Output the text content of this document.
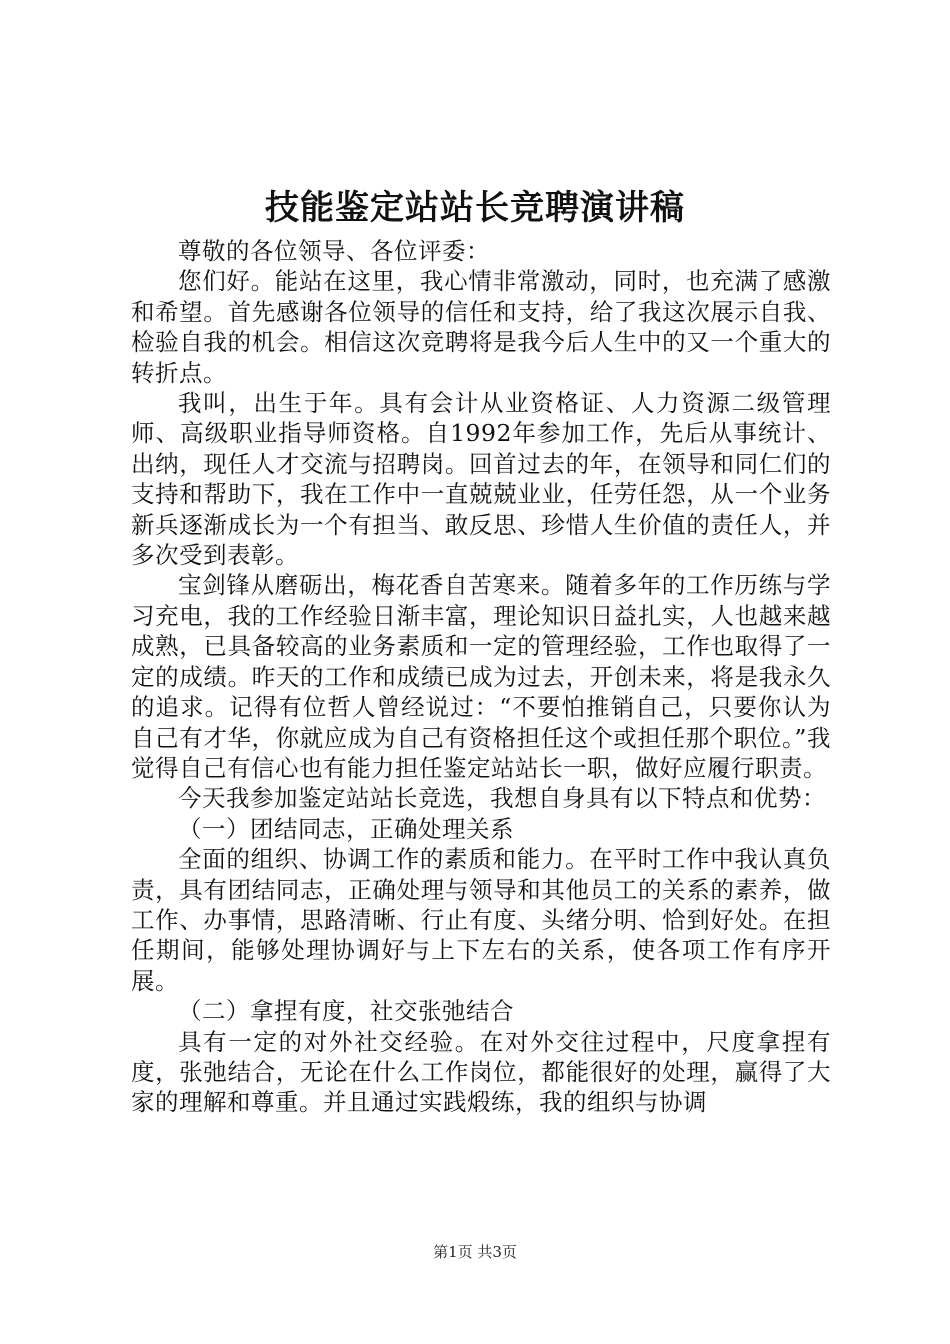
技能鉴定站站长竞聘演讲稿

尊敬的各位领导、各位评委：

您们好。能站在这里，我心情非常激动，同时，也充满了感激和希望。首先感谢各位领导的信任和支持，给了我这次展示自我、检验自我的机会。相信这次竞聘将是我今后人生中的又一个重大的转折点。

我叫，出生于年。具有会计从业资格证、人力资源二级管理师、高级职业指导师资格。自1992年参加工作，先后从事统计、出纳，现任人才交流与招聘岗。回首过去的年，在领导和同仁们的支持和帮助下，我在工作中一直兢兢业业，任劳任怨，从一个业务新兵逐渐成长为一个有担当、敢反思、珍惜人生价值的责任人，并多次受到表彰。

宝剑锋从磨砺出，梅花香自苦寒来。随着多年的工作历练与学习充电，我的工作经验日渐丰富，理论知识日益扎实，人也越来越成熟，已具备较高的业务素质和一定的管理经验，工作也取得了一定的成绩。昨天的工作和成绩已成为过去，开创未来，将是我永久的追求。记得有位哲人曾经说过：“不要怕推销自己，只要你认为自己有才华，你就应成为自己有资格担任这个或担任那个职位。”我觉得自己有信心也有能力担任鉴定站站长一职，做好应履行职责。

今天我参加鉴定站站长竞选，我想自身具有以下特点和优势：

（一）团结同志，正确处理关系

全面的组织、协调工作的素质和能力。在平时工作中我认真负责，具有团结同志，正确处理与领导和其他员工的关系的素养，做工作、办事情，思路清晰、行止有度、头绪分明、恰到好处。在担任期间，能够处理协调好与上下左右的关系，使各项工作有序开展。

（二）拿捏有度，社交张弛结合

具有一定的对外社交经验。在对外交往过程中，尺度拿捏有度，张弛结合，无论在什么工作岗位，都能很好的处理，赢得了大家的理解和尊重。并且通过实践煅练，我的组织与协调

第1页 共3页
